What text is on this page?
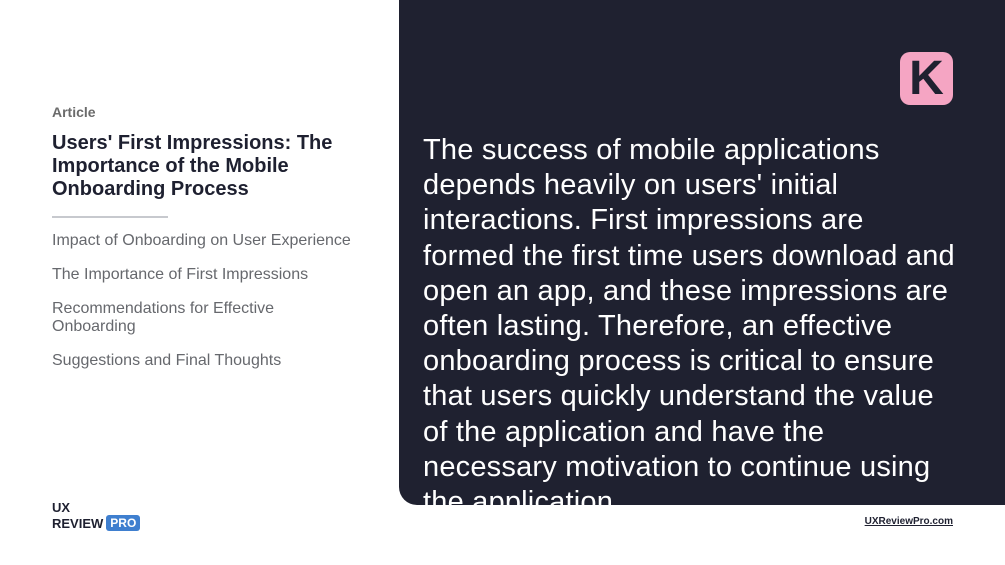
Article
Users' First Impressions: The Importance of the Mobile Onboarding Process
Impact of Onboarding on User Experience
The Importance of First Impressions
Recommendations for Effective Onboarding
Suggestions and Final Thoughts
UX
REVIEW PRO
K

The success of mobile applications depends heavily on users' initial interactions. First impressions are formed the first time users download and open an app, and these impressions are often lasting. Therefore, an effective onboarding process is critical to ensure that users quickly understand the value of the application and have the necessary motivation to continue using the application.

UXReviewPro.com
